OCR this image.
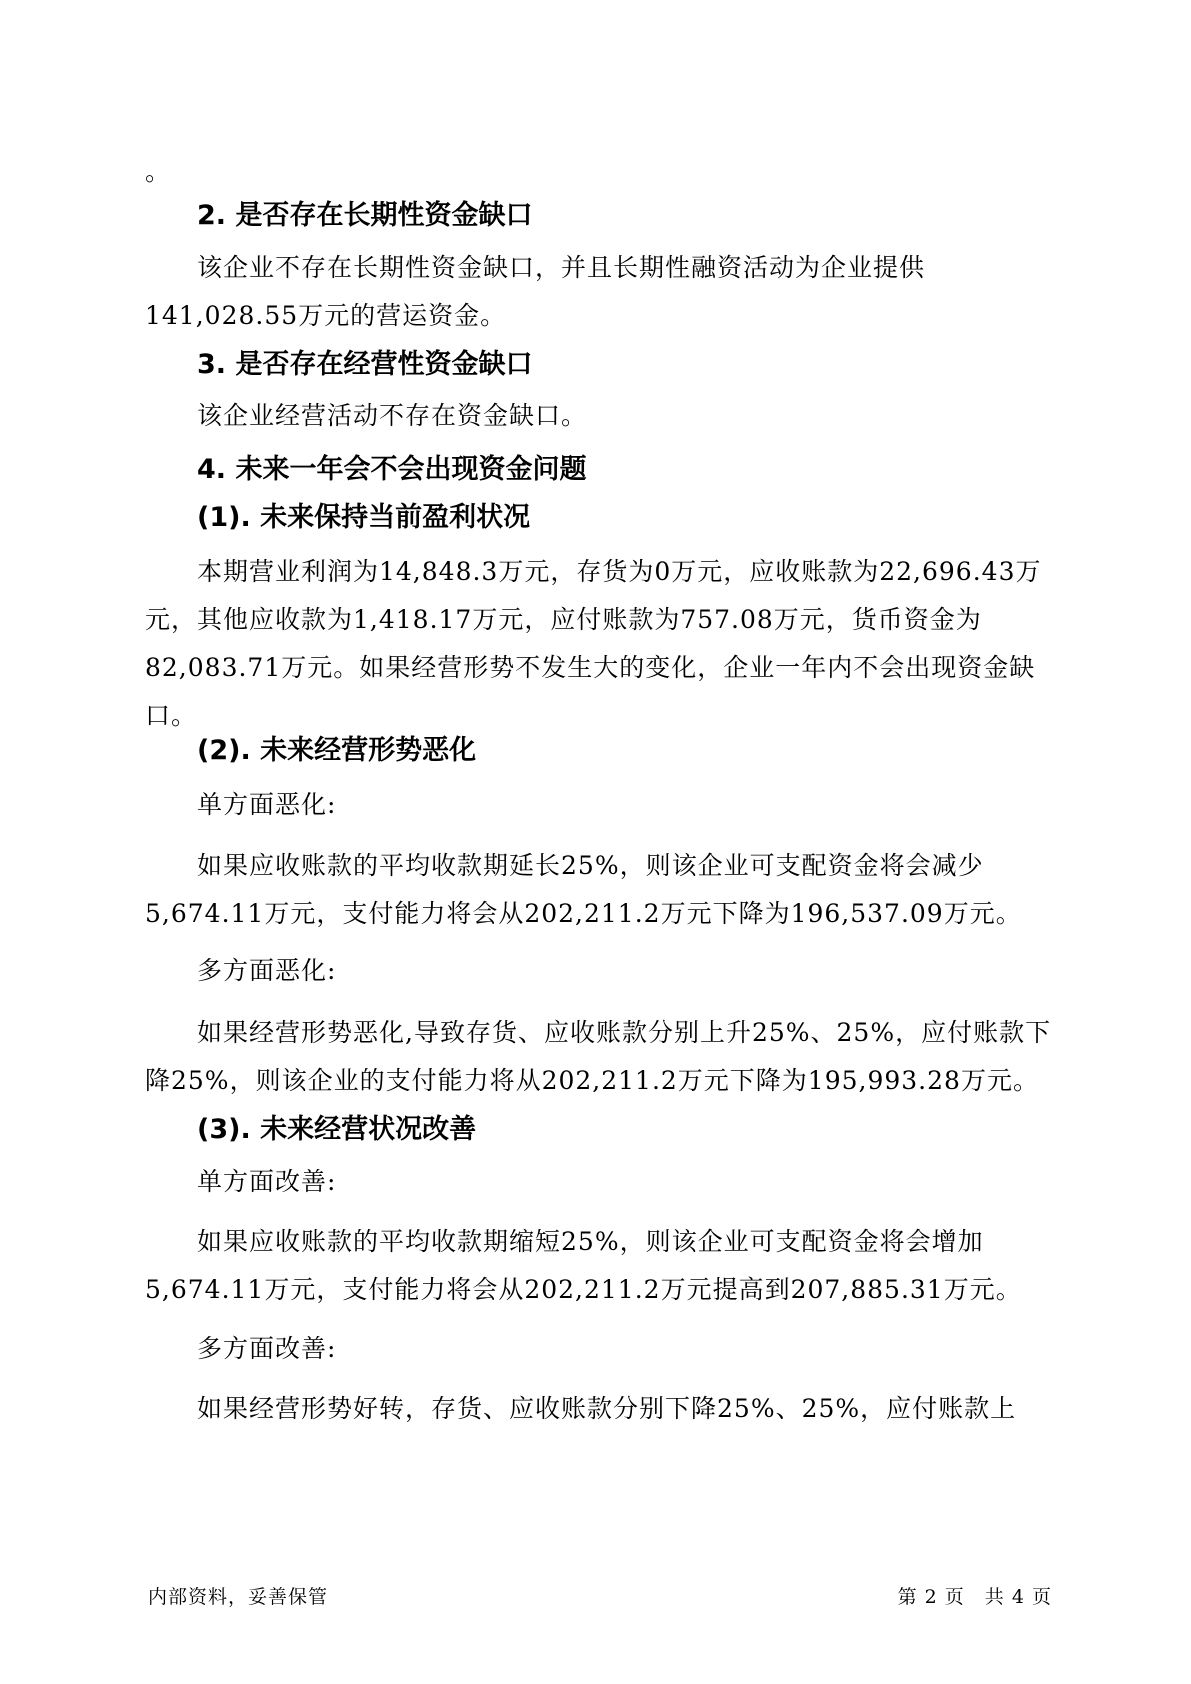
。

2. 是否存在长期性资金缺口

该企业不存在长期性资金缺口，并且长期性融资活动为企业提供141,028.55万元的营运资金。

3. 是否存在经营性资金缺口

该企业经营活动不存在资金缺口。

4. 未来一年会不会出现资金问题

(1). 未来保持当前盈利状况

本期营业利润为14,848.3万元，存货为0万元，应收账款为22,696.43万元，其他应收款为1,418.17万元，应付账款为757.08万元，货币资金为82,083.71万元。如果经营形势不发生大的变化，企业一年内不会出现资金缺口。

(2). 未来经营形势恶化

单方面恶化:

如果应收账款的平均收款期延长25%，则该企业可支配资金将会减少5,674.11万元，支付能力将会从202,211.2万元下降为196,537.09万元。

多方面恶化:

如果经营形势恶化,导致存货、应收账款分别上升25%、25%，应付账款下降25%，则该企业的支付能力将从202,211.2万元下降为195,993.28万元。

(3). 未来经营状况改善

单方面改善:

如果应收账款的平均收款期缩短25%，则该企业可支配资金将会增加5,674.11万元，支付能力将会从202,211.2万元提高到207,885.31万元。

多方面改善:

如果经营形势好转，存货、应收账款分别下降25%、25%，应付账款上

内部资料，妥善保管	第 2 页　共 4 页
